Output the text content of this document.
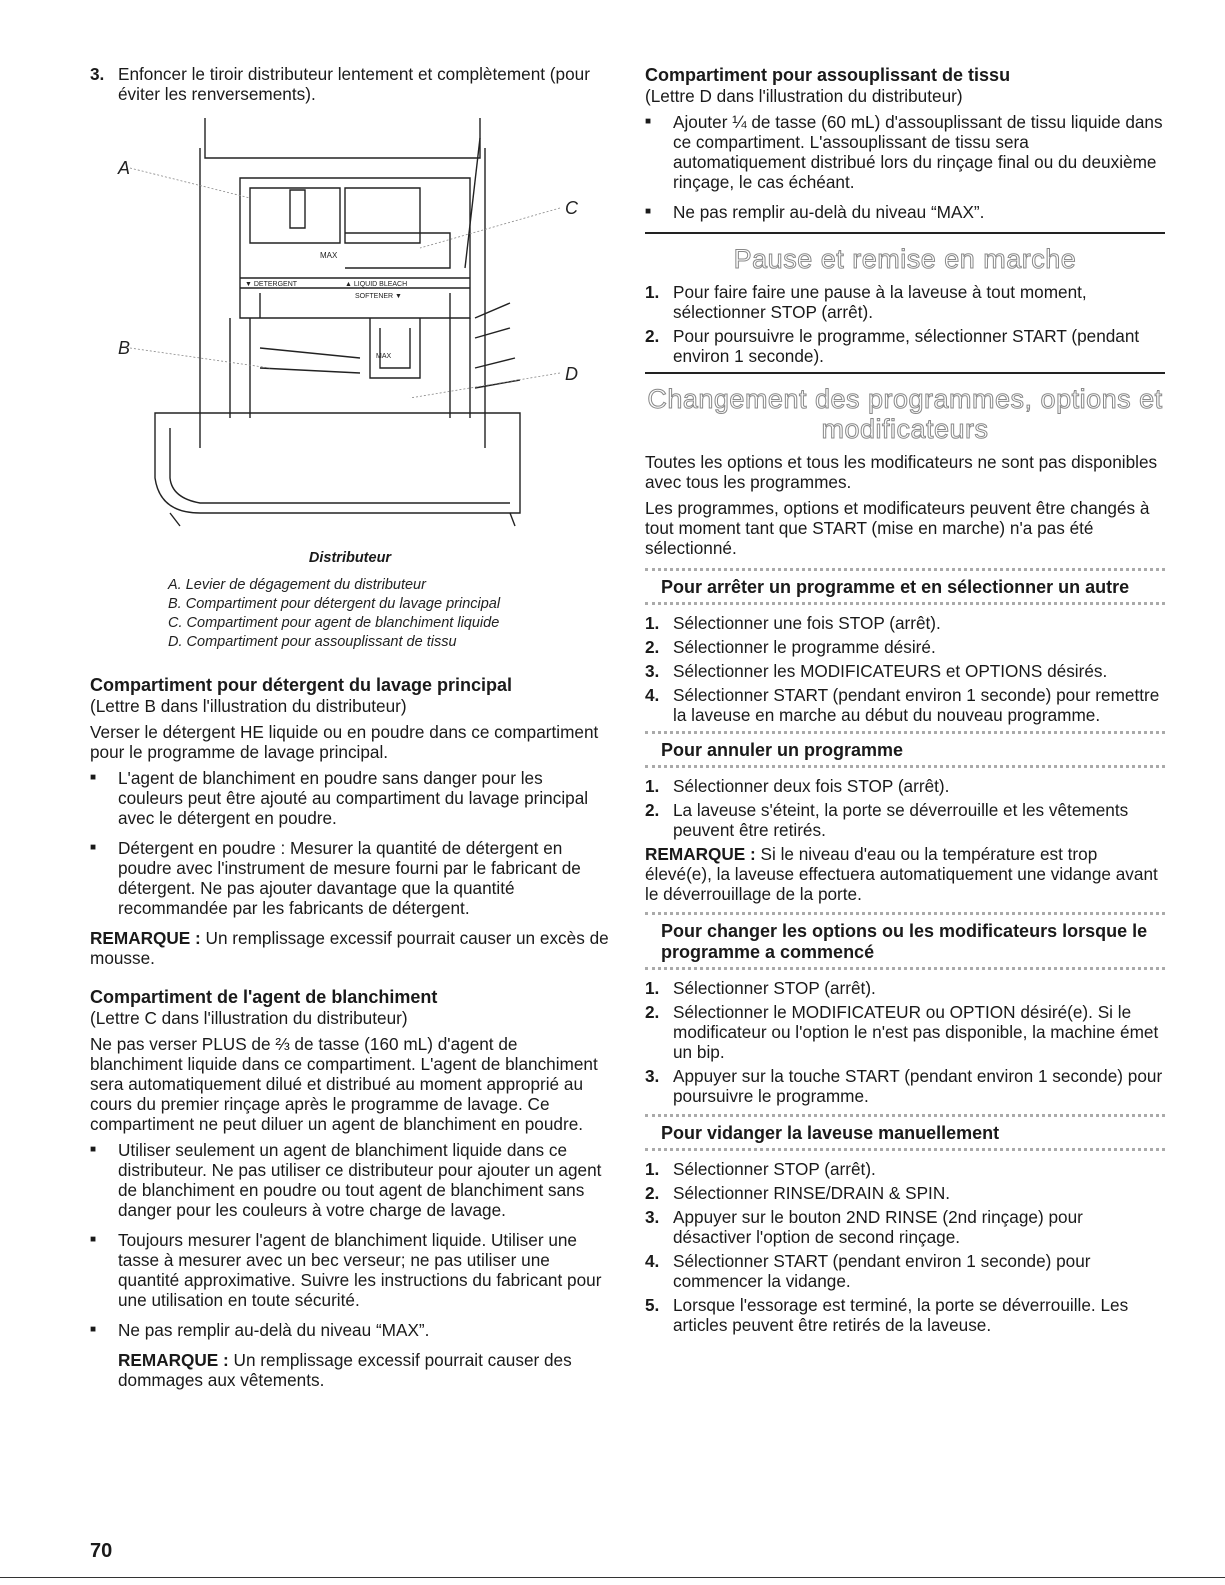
3. Enfoncer le tiroir distributeur lentement et complètement (pour éviter les renversements).
MAX
▼ DETERGENT	▲ LIQUID BLEACH
SOFTENER ▼
MAX
A
B
C
D
Distributeur
A. Levier de dégagement du distributeur
B. Compartiment pour détergent du lavage principal
C. Compartiment pour agent de blanchiment liquide
D. Compartiment pour assouplissant de tissu
Compartiment pour détergent du lavage principal

(Lettre B dans l'illustration du distributeur)

Verser le détergent HE liquide ou en poudre dans ce compartiment pour le programme de lavage principal.

■	L'agent de blanchiment en poudre sans danger pour les couleurs peut être ajouté au compartiment du lavage principal avec le détergent en poudre.
■	Détergent en poudre : Mesurer la quantité de détergent en poudre avec l'instrument de mesure fourni par le fabricant de détergent. Ne pas ajouter davantage que la quantité recommandée par les fabricants de détergent.

REMARQUE : Un remplissage excessif pourrait causer un excès de mousse.

Compartiment de l'agent de blanchiment

(Lettre C dans l'illustration du distributeur)

Ne pas verser PLUS de ⅔ de tasse (160 mL) d'agent de blanchiment liquide dans ce compartiment. L'agent de blanchiment sera automatiquement dilué et distribué au moment approprié au cours du premier rinçage après le programme de lavage. Ce compartiment ne peut diluer un agent de blanchiment en poudre.

■	Utiliser seulement un agent de blanchiment liquide dans ce distributeur. Ne pas utiliser ce distributeur pour ajouter un agent de blanchiment en poudre ou tout agent de blanchiment sans danger pour les couleurs à votre charge de lavage.
■	Toujours mesurer l'agent de blanchiment liquide. Utiliser une tasse à mesurer avec un bec verseur; ne pas utiliser une quantité approximative. Suivre les instructions du fabricant pour une utilisation en toute sécurité.
■	Ne pas remplir au-delà du niveau “MAX”.

REMARQUE : Un remplissage excessif pourrait causer des dommages aux vêtements.

Compartiment pour assouplissant de tissu

(Lettre D dans l'illustration du distributeur)

■	Ajouter ¼ de tasse (60 mL) d'assouplissant de tissu liquide dans ce compartiment. L'assouplissant de tissu sera automatiquement distribué lors du rinçage final ou du deuxième rinçage, le cas échéant.
■	Ne pas remplir au-delà du niveau “MAX”.
Pause et remise en marche
1. Pour faire faire une pause à la laveuse à tout moment, sélectionner STOP (arrêt).
2. Pour poursuivre le programme, sélectionner START (pendant environ 1 seconde).
Changement des programmes, options et modificateurs

Toutes les options et tous les modificateurs ne sont pas disponibles avec tous les programmes.

Les programmes, options et modificateurs peuvent être changés à tout moment tant que START (mise en marche) n'a pas été sélectionné.

Pour arrêter un programme et en sélectionner un autre
1. Sélectionner une fois STOP (arrêt).
2. Sélectionner le programme désiré.
3. Sélectionner les MODIFICATEURS et OPTIONS désirés.
4. Sélectionner START (pendant environ 1 seconde) pour remettre la laveuse en marche au début du nouveau programme.
Pour annuler un programme
1. Sélectionner deux fois STOP (arrêt).
2. La laveuse s'éteint, la porte se déverrouille et les vêtements peuvent être retirés.

REMARQUE : Si le niveau d'eau ou la température est trop élevé(e), la laveuse effectuera automatiquement une vidange avant le déverrouillage de la porte.

Pour changer les options ou les modificateurs lorsque le programme a commencé
1. Sélectionner STOP (arrêt).
2. Sélectionner le MODIFICATEUR ou OPTION désiré(e). Si le modificateur ou l'option le n'est pas disponible, la machine émet un bip.
3. Appuyer sur la touche START (pendant environ 1 seconde) pour poursuivre le programme.
Pour vidanger la laveuse manuellement
1. Sélectionner STOP (arrêt).
2. Sélectionner RINSE/DRAIN & SPIN.
3. Appuyer sur le bouton 2ND RINSE (2nd rinçage) pour désactiver l'option de second rinçage.
4. Sélectionner START (pendant environ 1 seconde) pour commencer la vidange.
5. Lorsque l'essorage est terminé, la porte se déverrouille. Les articles peuvent être retirés de la laveuse.
70
